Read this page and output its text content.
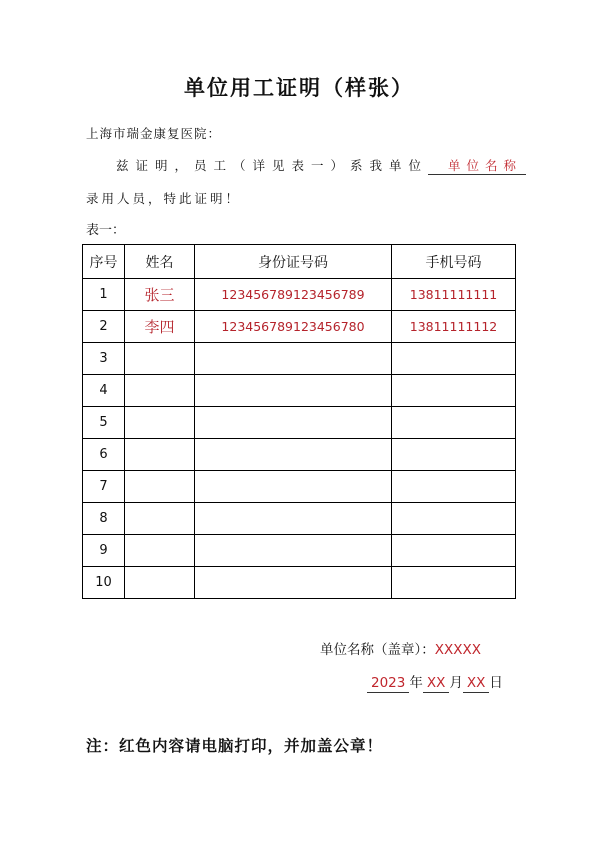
单位用工证明（样张）
上海市瑞金康复医院：
兹证明，员工（详见表一）系我单位 单位名称
录用人员，特此证明！
表一：
序号	姓名	身份证号码	手机号码
1	张三	123456789123456789	13811111111
2	李四	123456789123456780	13811111112
3			
4			
5			
6			
7			
8			
9			
10			
单位名称（盖章）：XXXXX
2023 年 XX 月 XX 日
注：红色内容请电脑打印，并加盖公章！
